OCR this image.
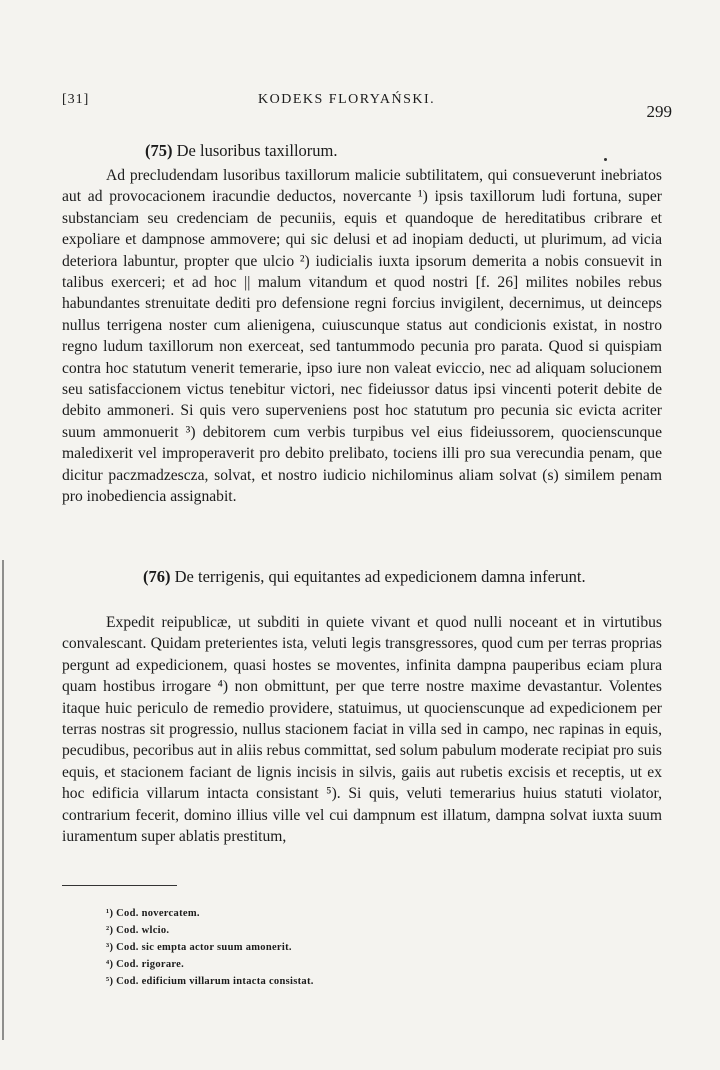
[31]	KODEKS FLORYAŃSKI.
299
(75) De lusoribus taxillorum.

Ad precludendam lusoribus taxillorum malicie subtilitatem, qui consueverunt inebriatos aut ad provocacionem iracundie deductos, novercante ¹) ipsis taxillorum ludi fortuna, super substanciam seu credenciam de pecuniis, equis et quandoque de hereditatibus cribrare et expoliare et dampnose ammovere; qui sic delusi et ad inopiam deducti, ut plurimum, ad vicia deteriora labuntur, propter que ulcio ²) iudicialis iuxta ipsorum demerita a nobis consuevit in talibus exerceri; et ad hoc || malum vitandum et quod nostri [f. 26] milites nobiles rebus habundantes strenuitate dediti pro defensione regni forcius invigilent, decernimus, ut deinceps nullus terrigena noster cum alienigena, cuiuscunque status aut condicionis existat, in nostro regno ludum taxillorum non exerceat, sed tantummodo pecunia pro parata. Quod si quispiam contra hoc statutum venerit temerarie, ipso iure non valeat eviccio, nec ad aliquam solucionem seu satisfaccionem victus tenebitur victori, nec fideiussor datus ipsi vincenti poterit debite de debito ammoneri. Si quis vero superveniens post hoc statutum pro pecunia sic evicta acriter suum ammonuerit ³) debitorem cum verbis turpibus vel eius fideiussorem, quocienscunque maledixerit vel improperaverit pro debito prelibato, tociens illi pro sua verecundia penam, que dicitur paczmadzescza, solvat, et nostro iudicio nichilominus aliam solvat (s) similem penam pro inobediencia assignabit.

(76) De terrigenis, qui equitantes ad expedicionem damna inferunt.

Expedit reipublicæ, ut subditi in quiete vivant et quod nulli noceant et in virtutibus convalescant. Quidam preterientes ista, veluti legis transgressores, quod cum per terras proprias pergunt ad expedicionem, quasi hostes se moventes, infinita dampna pauperibus eciam plura quam hostibus irrogare ⁴) non obmittunt, per que terre nostre maxime devastantur. Volentes itaque huic periculo de remedio providere, statuimus, ut quocienscunque ad expedicionem per terras nostras sit progressio, nullus stacionem faciat in villa sed in campo, nec rapinas in equis, pecudibus, pecoribus aut in aliis rebus committat, sed solum pabulum moderate recipiat pro suis equis, et stacionem faciant de lignis incisis in silvis, gaiis aut rubetis excisis et receptis, ut ex hoc edificia villarum intacta consistant ⁵). Si quis, veluti temerarius huius statuti violator, contrarium fecerit, domino illius ville vel cui dampnum est illatum, dampna solvat iuxta suum iuramentum super ablatis prestitum,

¹) Cod. novercatem.
²) Cod. wlcio.
³) Cod. sic empta actor suum amonerit.
⁴) Cod. rigorare.
⁵) Cod. edificium villarum intacta consistat.
